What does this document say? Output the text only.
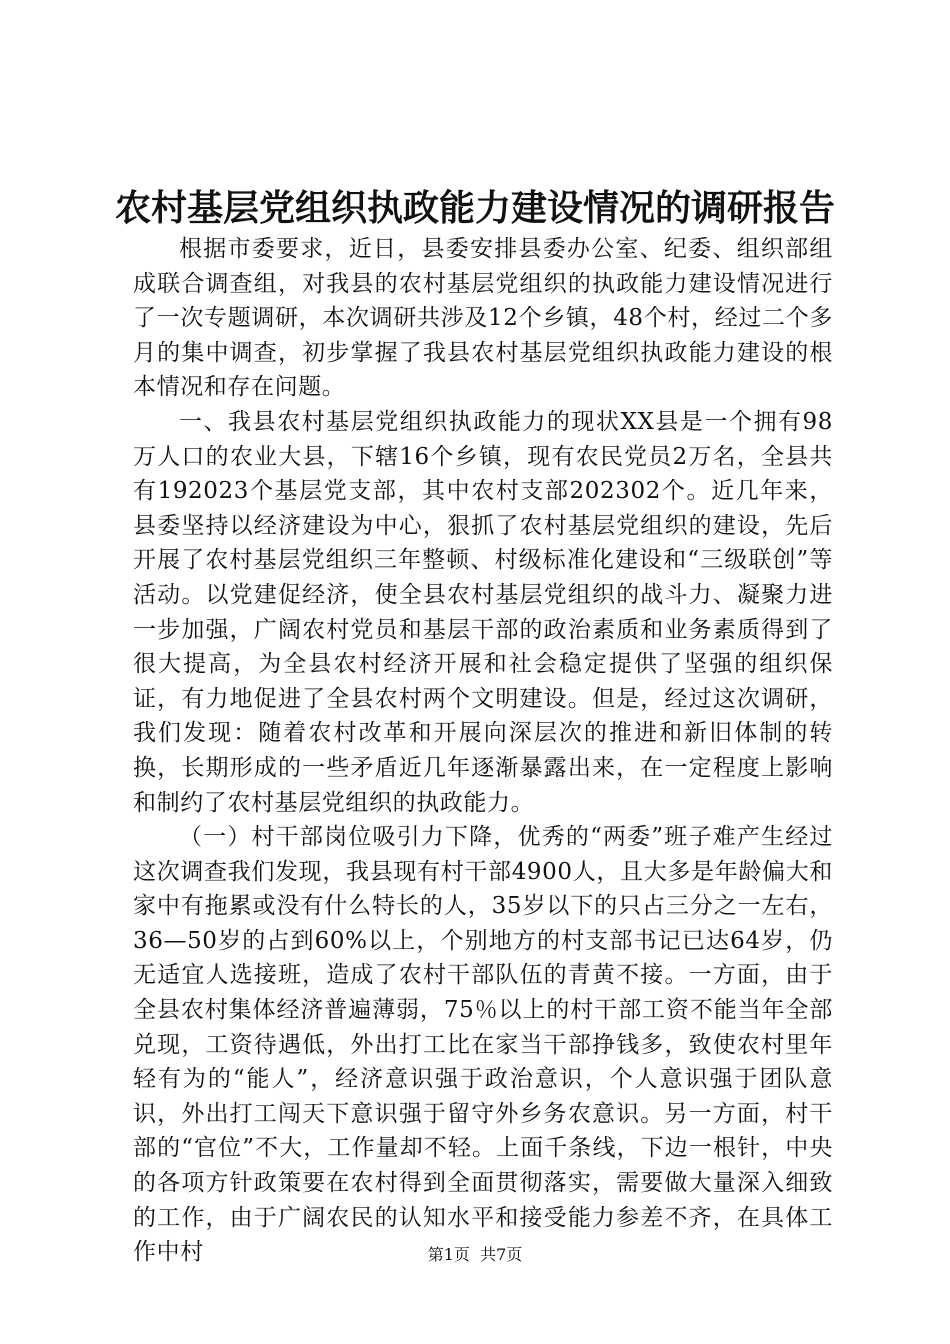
农村基层党组织执政能力建设情况的调研报告

根据市委要求，近日，县委安排县委办公室、纪委、组织部组成联合调查组，对我县的农村基层党组织的执政能力建设情况进行了一次专题调研，本次调研共涉及12个乡镇，48个村，经过二个多月的集中调查，初步掌握了我县农村基层党组织执政能力建设的根本情况和存在问题。

一、我县农村基层党组织执政能力的现状XX县是一个拥有98万人口的农业大县，下辖16个乡镇，现有农民党员2万名，全县共有192023个基层党支部，其中农村支部202302个。近几年来，县委坚持以经济建设为中心，狠抓了农村基层党组织的建设，先后开展了农村基层党组织三年整顿、村级标准化建设和“三级联创”等活动。以党建促经济，使全县农村基层党组织的战斗力、凝聚力进一步加强，广阔农村党员和基层干部的政治素质和业务素质得到了很大提高，为全县农村经济开展和社会稳定提供了坚强的组织保证，有力地促进了全县农村两个文明建设。但是，经过这次调研，我们发现：随着农村改革和开展向深层次的推进和新旧体制的转换，长期形成的一些矛盾近几年逐渐暴露出来，在一定程度上影响和制约了农村基层党组织的执政能力。

（一）村干部岗位吸引力下降，优秀的“两委”班子难产生经过这次调查我们发现，我县现有村干部4900人，且大多是年龄偏大和家中有拖累或没有什么特长的人，35岁以下的只占三分之一左右，36—50岁的占到60%以上，个别地方的村支部书记已达64岁，仍无适宜人选接班，造成了农村干部队伍的青黄不接。一方面，由于全县农村集体经济普遍薄弱，75％以上的村干部工资不能当年全部兑现，工资待遇低，外出打工比在家当干部挣钱多，致使农村里年轻有为的“能人”，经济意识强于政治意识，个人意识强于团队意识，外出打工闯天下意识强于留守外乡务农意识。另一方面，村干部的“官位”不大，工作量却不轻。上面千条线，下边一根针，中央的各项方针政策要在农村得到全面贯彻落实，需要做大量深入细致的工作，由于广阔农民的认知水平和接受能力参差不齐，在具体工作中村	第1页 共7页
